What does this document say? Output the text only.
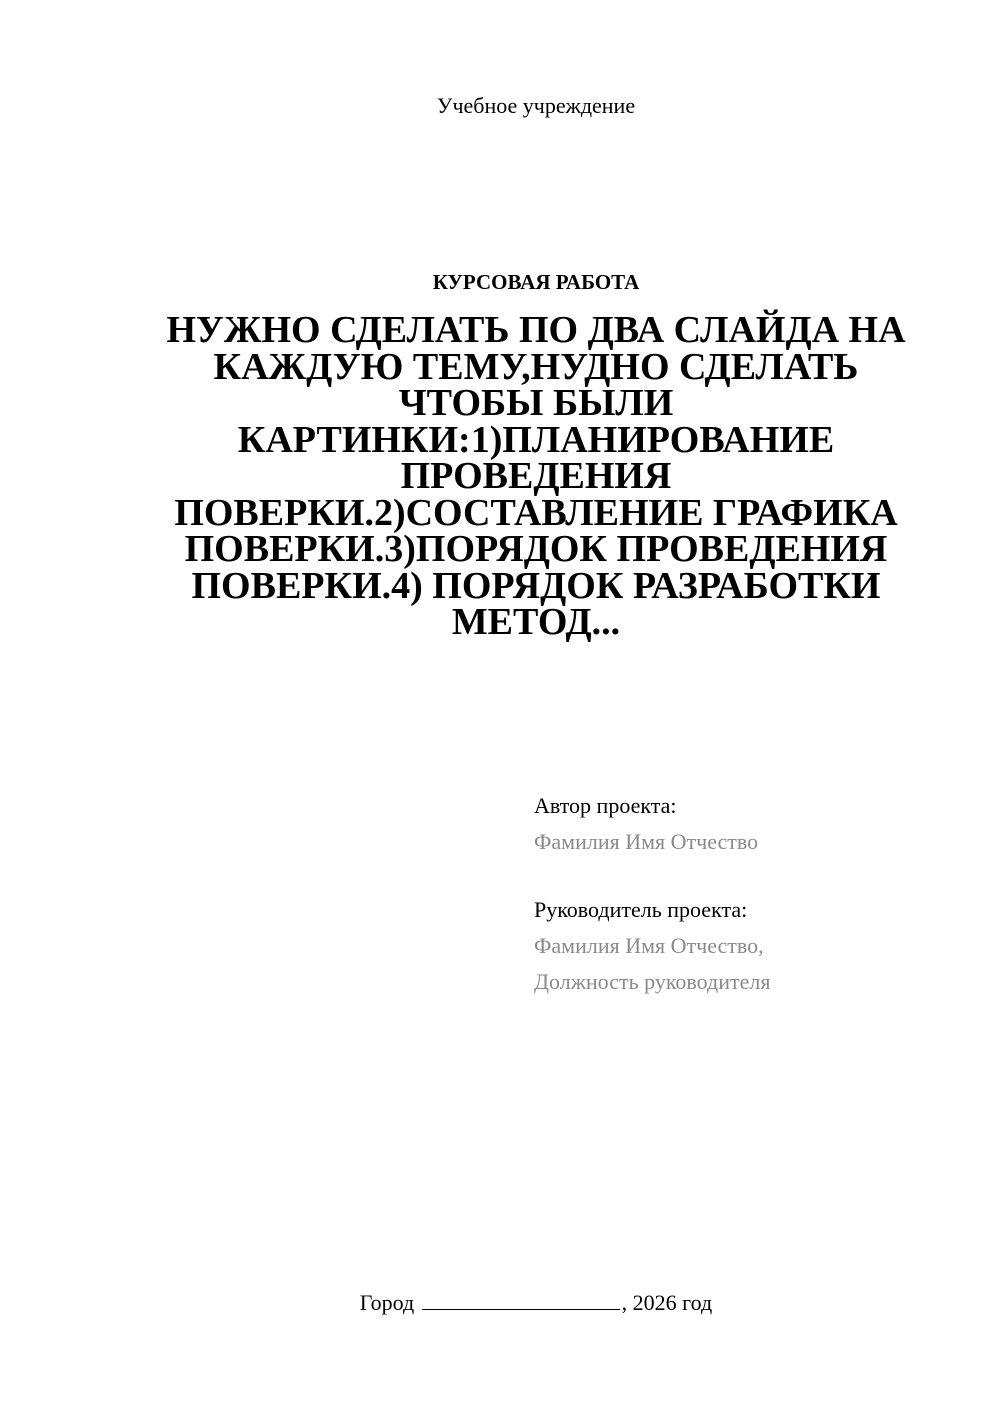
Учебное учреждение
КУРСОВАЯ РАБОТА
НУЖНО СДЕЛАТЬ ПО ДВА СЛАЙДА НА КАЖДУЮ ТЕМУ,НУДНО СДЕЛАТЬ ЧТОБЫ БЫЛИ КАРТИНКИ:1)ПЛАНИРОВАНИЕ ПРОВЕДЕНИЯ ПОВЕРКИ.2)СОСТАВЛЕНИЕ ГРАФИКА ПОВЕРКИ.3)ПОРЯДОК ПРОВЕДЕНИЯ ПОВЕРКИ.4) ПОРЯДОК РАЗРАБОТКИ МЕТОД...
Автор проекта:
Фамилия Имя Отчество
Руководитель проекта:
Фамилия Имя Отчество,
Должность руководителя
Город	, 2026 год
